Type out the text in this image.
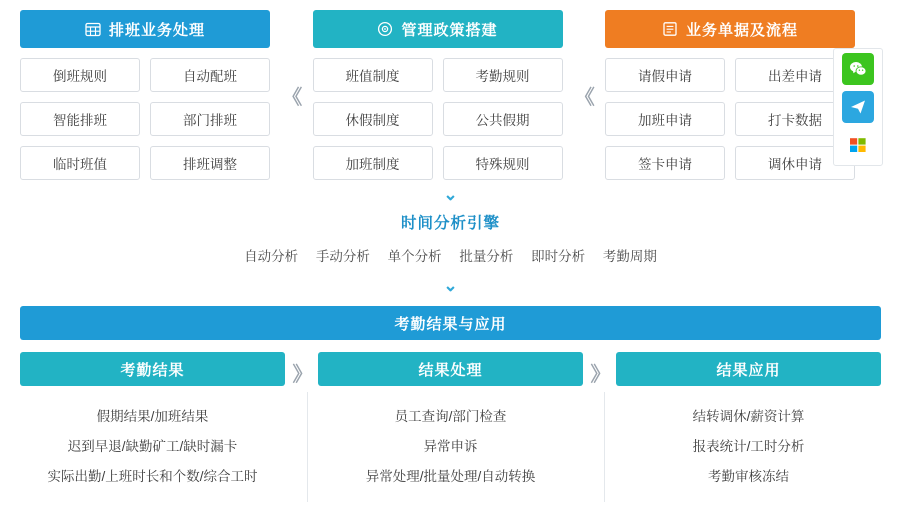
排班业务处理
倒班规则	自动配班
智能排班	部门排班
临时班值	排班调整
《
管理政策搭建
班值制度	考勤规则
休假制度	公共假期
加班制度	特殊规则
《
业务单据及流程
请假申请	出差申请
加班申请	打卡数据
签卡申请	调休申请
⌄
时间分析引擎
自动分析 手动分析 单个分析 批量分析 即时分析 考勤周期
⌄
考勤结果与应用
考勤结果
假期结果/加班结果
迟到早退/缺勤矿工/缺时漏卡
实际出勤/上班时长和个数/综合工时
》	结果处理
员工查询/部门检查
异常申诉
异常处理/批量处理/自动转换
》	结果应用
结转调休/薪资计算
报表统计/工时分析
考勤审核冻结
